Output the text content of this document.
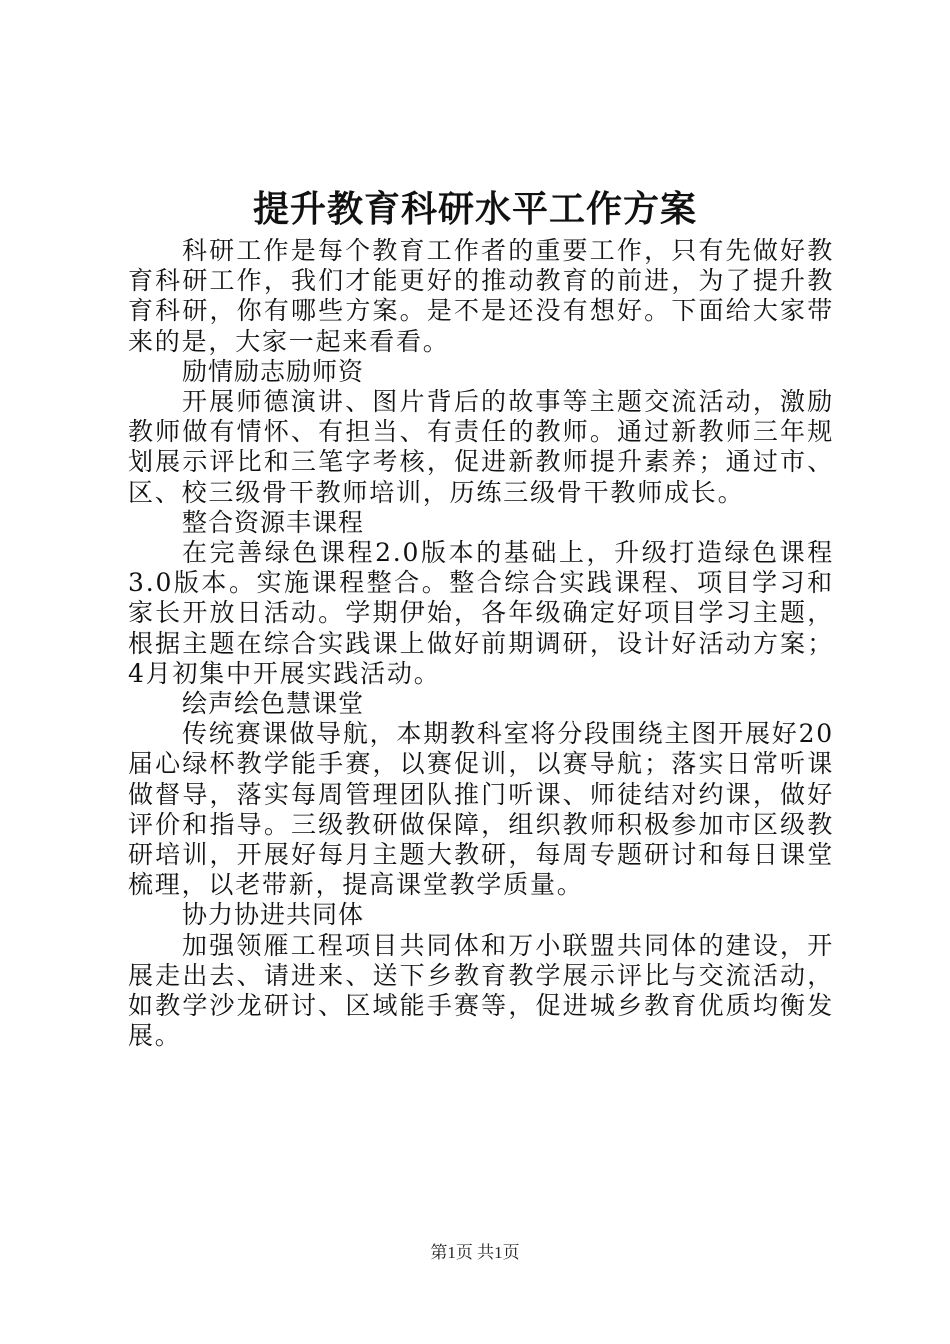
提升教育科研水平工作方案

科研工作是每个教育工作者的重要工作，只有先做好教育科研工作，我们才能更好的推动教育的前进，为了提升教育科研，你有哪些方案。是不是还没有想好。下面给大家带来的是，大家一起来看看。

励情励志励师资

开展师德演讲、图片背后的故事等主题交流活动，激励教师做有情怀、有担当、有责任的教师。通过新教师三年规划展示评比和三笔字考核，促进新教师提升素养；通过市、区、校三级骨干教师培训，历练三级骨干教师成长。

整合资源丰课程

在完善绿色课程2.0版本的基础上，升级打造绿色课程3.0版本。实施课程整合。整合综合实践课程、项目学习和家长开放日活动。学期伊始，各年级确定好项目学习主题，根据主题在综合实践课上做好前期调研，设计好活动方案；4月初集中开展实践活动。

绘声绘色慧课堂

传统赛课做导航，本期教科室将分段围绕主图开展好20届心绿杯教学能手赛，以赛促训，以赛导航；落实日常听课做督导，落实每周管理团队推门听课、师徒结对约课，做好评价和指导。三级教研做保障，组织教师积极参加市区级教研培训，开展好每月主题大教研，每周专题研讨和每日课堂梳理，以老带新，提高课堂教学质量。

协力协进共同体

加强领雁工程项目共同体和万小联盟共同体的建设，开展走出去、请进来、送下乡教育教学展示评比与交流活动，如教学沙龙研讨、区域能手赛等，促进城乡教育优质均衡发展。

第1页 共1页
